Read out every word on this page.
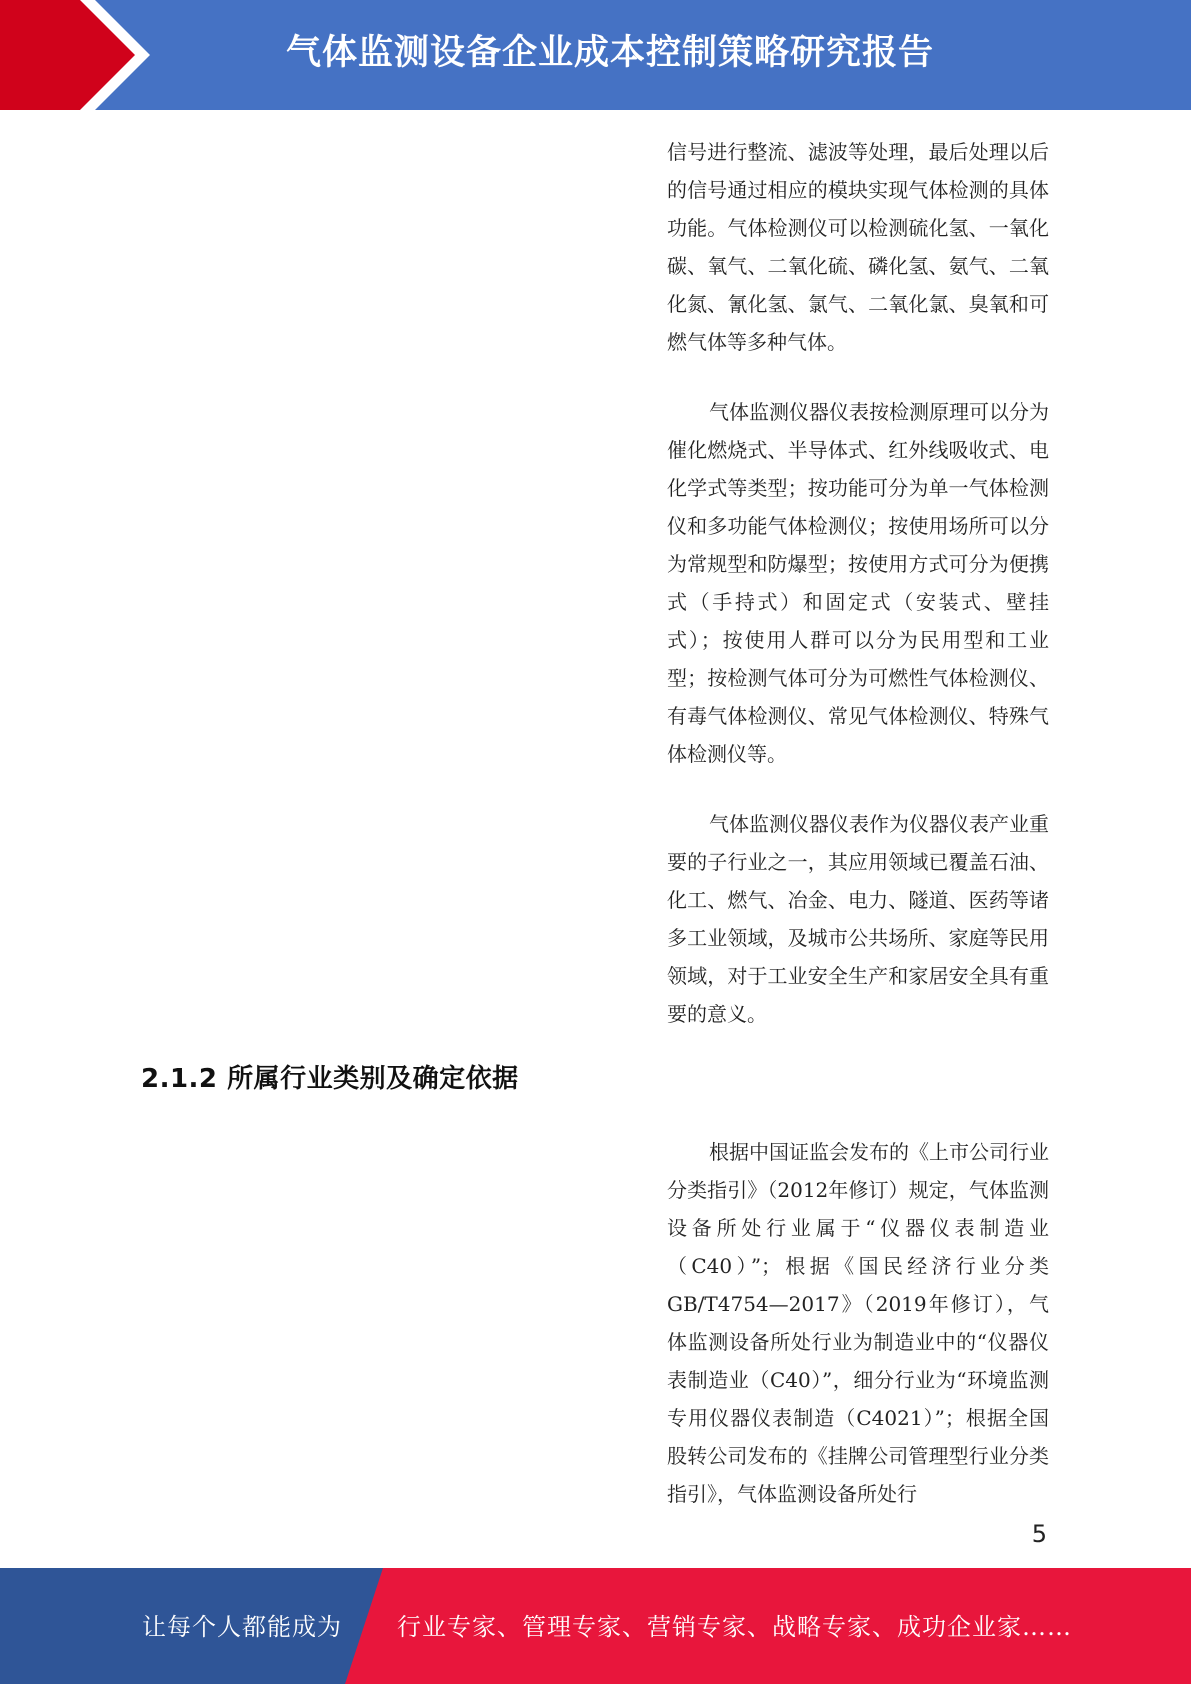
气体监测设备企业成本控制策略研究报告

信号进行整流、滤波等处理，最后处理以后的信号通过相应的模块实现气体检测的具体功能。气体检测仪可以检测硫化氢、一氧化碳、氧气、二氧化硫、磷化氢、氨气、二氧化氮、氰化氢、氯气、二氧化氯、臭氧和可燃气体等多种气体。

气体监测仪器仪表按检测原理可以分为催化燃烧式、半导体式、红外线吸收式、电化学式等类型；按功能可分为单一气体检测仪和多功能气体检测仪；按使用场所可以分为常规型和防爆型；按使用方式可分为便携式（手持式）和固定式（安装式、壁挂式）；按使用人群可以分为民用型和工业型；按检测气体可分为可燃性气体检测仪、有毒气体检测仪、常见气体检测仪、特殊气体检测仪等。

气体监测仪器仪表作为仪器仪表产业重要的子行业之一，其应用领域已覆盖石油、化工、燃气、冶金、电力、隧道、医药等诸多工业领域，及城市公共场所、家庭等民用领域，对于工业安全生产和家居安全具有重要的意义。

2.1.2 所属行业类别及确定依据

根据中国证监会发布的《上市公司行业分类指引》（2012年修订）规定，气体监测设备所处行业属于“仪器仪表制造业（C40）”；根据《国民经济行业分类GB/T4754—2017》（2019年修订），气体监测设备所处行业为制造业中的“仪器仪表制造业（C40）”，细分行业为“环境监测专用仪器仪表制造（C4021）”；根据全国股转公司发布的《挂牌公司管理型行业分类指引》，气体监测设备所处行

5
让每个人都能成为 行业专家、管理专家、营销专家、战略专家、成功企业家……
